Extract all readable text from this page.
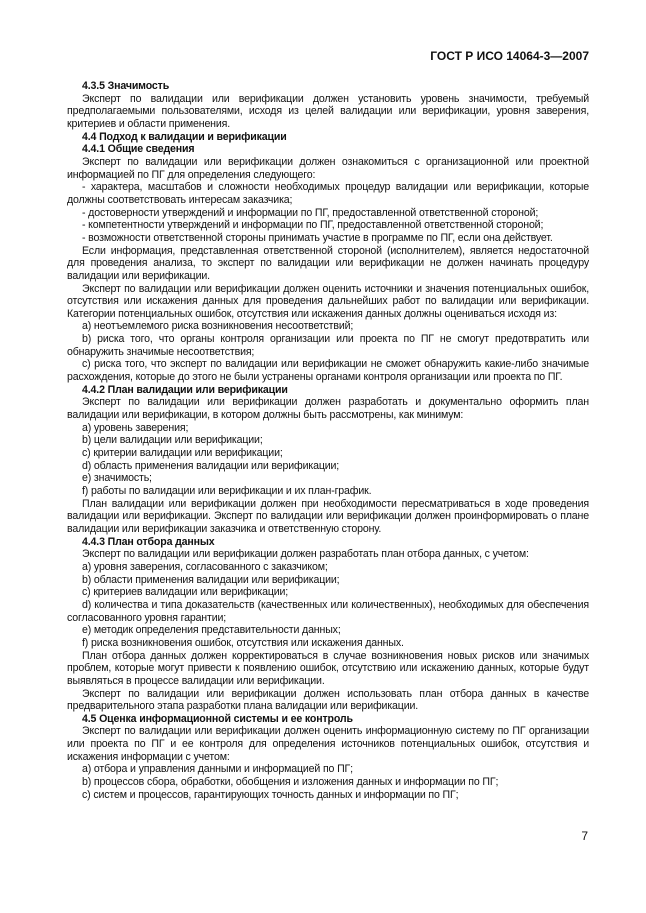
ГОСТ Р ИСО 14064-3—2007

4.3.5 Значимость

Эксперт по валидации или верификации должен установить уровень значимости, требуемый предполагаемыми пользователями, исходя из целей валидации или верификации, уровня заверения, критериев и области применения.

4.4 Подход к валидации и верификации

4.4.1 Общие сведения

Эксперт по валидации или верификации должен ознакомиться с организационной или проектной информацией по ПГ для определения следующего:

- характера, масштабов и сложности необходимых процедур валидации или верификации, которые должны соответствовать интересам заказчика;

- достоверности утверждений и информации по ПГ, предоставленной ответственной стороной;

- компетентности утверждений и информации по ПГ, предоставленной ответственной стороной;

- возможности ответственной стороны принимать участие в программе по ПГ, если она действует.

Если информация, представленная ответственной стороной (исполнителем), является недостаточной для проведения анализа, то эксперт по валидации или верификации не должен начинать процедуру валидации или верификации.

Эксперт по валидации или верификации должен оценить источники и значения потенциальных ошибок, отсутствия или искажения данных для проведения дальнейших работ по валидации или верификации. Категории потенциальных ошибок, отсутствия или искажения данных должны оцениваться исходя из:

a) неотъемлемого риска возникновения несоответствий;

b) риска того, что органы контроля организации или проекта по ПГ не смогут предотвратить или обнаружить значимые несоответствия;

c) риска того, что эксперт по валидации или верификации не сможет обнаружить какие-либо значимые расхождения, которые до этого не были устранены органами контроля организации или проекта по ПГ.

4.4.2 План валидации или верификации

Эксперт по валидации или верификации должен разработать и документально оформить план валидации или верификации, в котором должны быть рассмотрены, как минимум:

a) уровень заверения;

b) цели валидации или верификации;

c) критерии валидации или верификации;

d) область применения валидации или верификации;

e) значимость;

f) работы по валидации или верификации и их план-график.

План валидации или верификации должен при необходимости пересматриваться в ходе проведения валидации или верификации. Эксперт по валидации или верификации должен проинформировать о плане валидации или верификации заказчика и ответственную сторону.

4.4.3 План отбора данных

Эксперт по валидации или верификации должен разработать план отбора данных, с учетом:

a) уровня заверения, согласованного с заказчиком;

b) области применения валидации или верификации;

c) критериев валидации или верификации;

d) количества и типа доказательств (качественных или количественных), необходимых для обеспечения согласованного уровня гарантии;

e) методик определения представительности данных;

f) риска возникновения ошибок, отсутствия или искажения данных.

План отбора данных должен корректироваться в случае возникновения новых рисков или значимых проблем, которые могут привести к появлению ошибок, отсутствию или искажению данных, которые будут выявляться в процессе валидации или верификации.

Эксперт по валидации или верификации должен использовать план отбора данных в качестве предварительного этапа разработки плана валидации или верификации.

4.5 Оценка информационной системы и ее контроль

Эксперт по валидации или верификации должен оценить информационную систему по ПГ организации или проекта по ПГ и ее контроля для определения источников потенциальных ошибок, отсутствия и искажения информации с учетом:

a) отбора и управления данными и информацией по ПГ;

b) процессов сбора, обработки, обобщения и изложения данных и информации по ПГ;

c) систем и процессов, гарантирующих точность данных и информации по ПГ;

7
